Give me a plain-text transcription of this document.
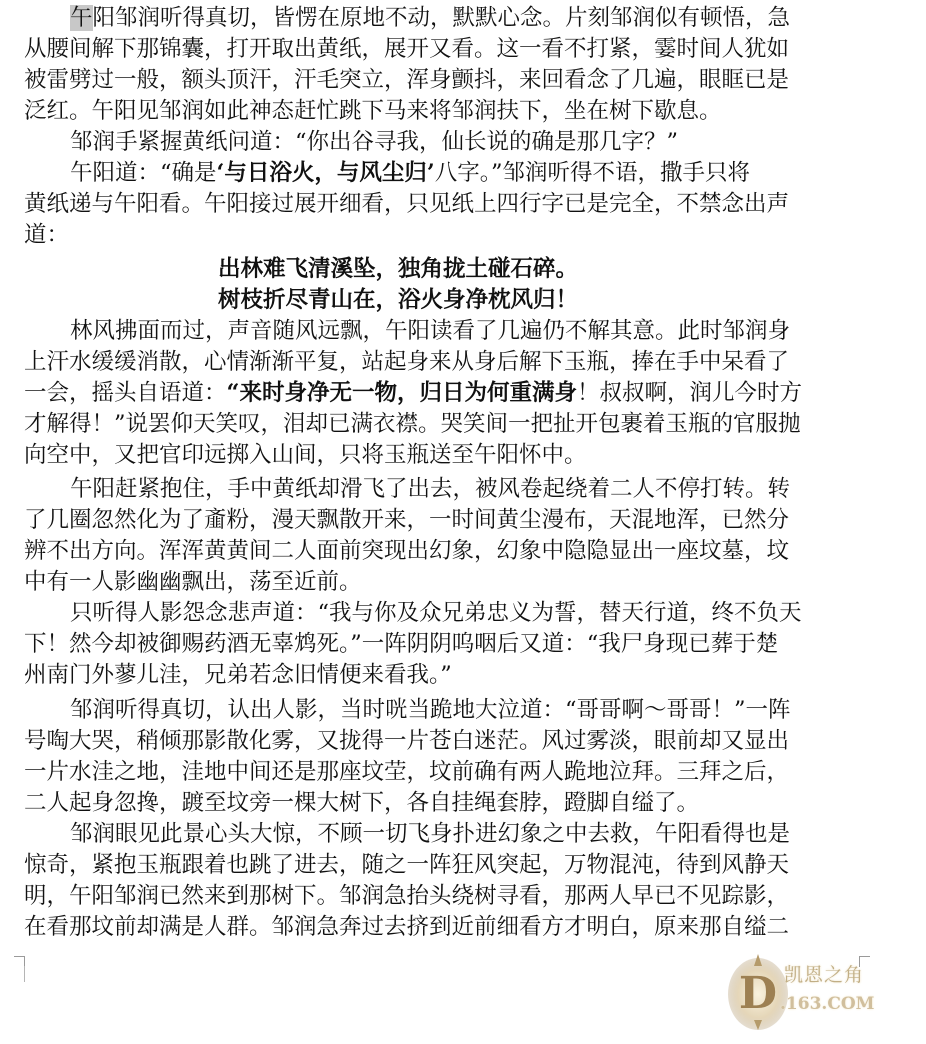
午阳邹润听得真切，皆愣在原地不动，默默心念。片刻邹润似有顿悟，急
从腰间解下那锦囊，打开取出黄纸，展开又看。这一看不打紧，霎时间人犹如
被雷劈过一般，额头顶汗，汗毛突立，浑身颤抖，来回看念了几遍，眼眶已是
泛红。午阳见邹润如此神态赶忙跳下马来将邹润扶下，坐在树下歇息。
邹润手紧握黄纸问道：“你出谷寻我，仙长说的确是那几字？”
午阳道：“确是‘与日浴火，与风尘归’八字。”邹润听得不语，撒手只将
黄纸递与午阳看。午阳接过展开细看，只见纸上四行字已是完全，不禁念出声
道：
出林难飞清溪坠，独角拢土碰石碎。
树枝折尽青山在，浴火身净枕风归！
林风拂面而过，声音随风远飘，午阳读看了几遍仍不解其意。此时邹润身
上汗水缓缓消散，心情渐渐平复，站起身来从身后解下玉瓶，捧在手中呆看了
一会，摇头自语道：“来时身净无一物，归日为何重满身！叔叔啊，润儿今时方
才解得！”说罢仰天笑叹，泪却已满衣襟。哭笑间一把扯开包裹着玉瓶的官服抛
向空中，又把官印远掷入山间，只将玉瓶送至午阳怀中。
午阳赶紧抱住，手中黄纸却滑飞了出去，被风卷起绕着二人不停打转。转
了几圈忽然化为了齑粉，漫天飘散开来，一时间黄尘漫布，天混地浑，已然分
辨不出方向。浑浑黄黄间二人面前突现出幻象，幻象中隐隐显出一座坟墓，坟
中有一人影幽幽飘出，荡至近前。
只听得人影怨念悲声道：“我与你及众兄弟忠义为誓，替天行道，终不负天
下！然今却被御赐药酒无辜鸩死。”一阵阴阴呜咽后又道：“我尸身现已葬于楚
州南门外蓼儿洼，兄弟若念旧情便来看我。”
邹润听得真切，认出人影，当时咣当跪地大泣道：“哥哥啊～哥哥！”一阵
号啕大哭，稍倾那影散化雾，又拢得一片苍白迷茫。风过雾淡，眼前却又显出
一片水洼之地，洼地中间还是那座坟茔，坟前确有两人跪地泣拜。三拜之后，
二人起身忽搀，踱至坟旁一棵大树下，各自挂绳套脖，蹬脚自缢了。
邹润眼见此景心头大惊，不顾一切飞身扑进幻象之中去救，午阳看得也是
惊奇，紧抱玉瓶跟着也跳了进去，随之一阵狂风突起，万物混沌，待到风静天
明，午阳邹润已然来到那树下。邹润急抬头绕树寻看，那两人早已不见踪影，
在看那坟前却满是人群。邹润急奔过去挤到近前细看方才明白，原来那自缢二
D 凯恩之角
.163.COM
